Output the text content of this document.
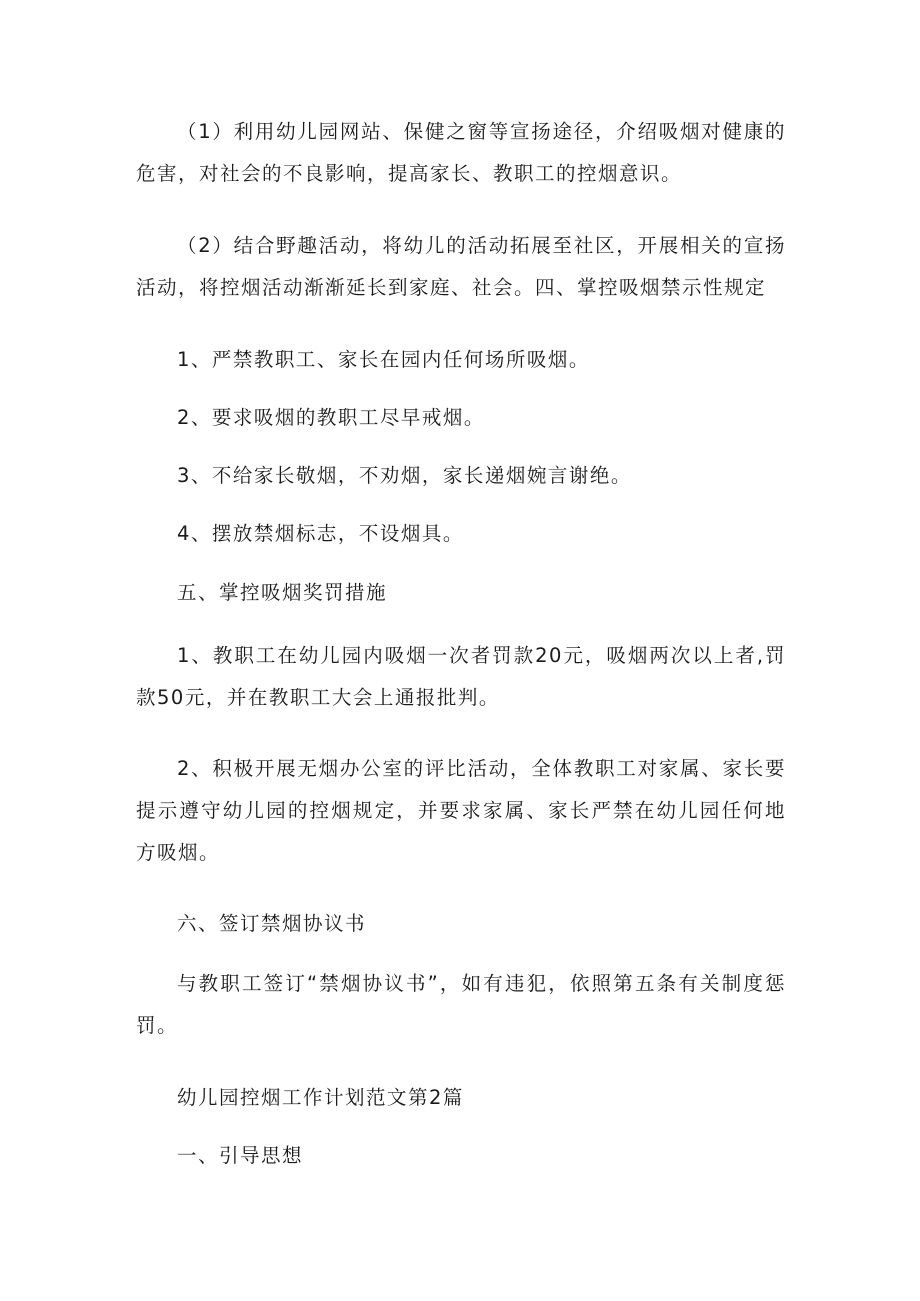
（1）利用幼儿园网站、保健之窗等宣扬途径，介绍吸烟对健康的危害，对社会的不良影响，提高家长、教职工的控烟意识。

（2）结合野趣活动，将幼儿的活动拓展至社区，开展相关的宣扬活动，将控烟活动渐渐延长到家庭、社会。四、掌控吸烟禁示性规定

1、严禁教职工、家长在园内任何场所吸烟。

2、要求吸烟的教职工尽早戒烟。

3、不给家长敬烟，不劝烟，家长递烟婉言谢绝。

4、摆放禁烟标志，不设烟具。

五、掌控吸烟奖罚措施

1、教职工在幼儿园内吸烟一次者罚款20元，吸烟两次以上者,罚款50元，并在教职工大会上通报批判。

2、积极开展无烟办公室的评比活动，全体教职工对家属、家长要提示遵守幼儿园的控烟规定，并要求家属、家长严禁在幼儿园任何地方吸烟。

六、签订禁烟协议书

与教职工签订“禁烟协议书”，如有违犯，依照第五条有关制度惩罚。

幼儿园控烟工作计划范文第2篇

一、引导思想
